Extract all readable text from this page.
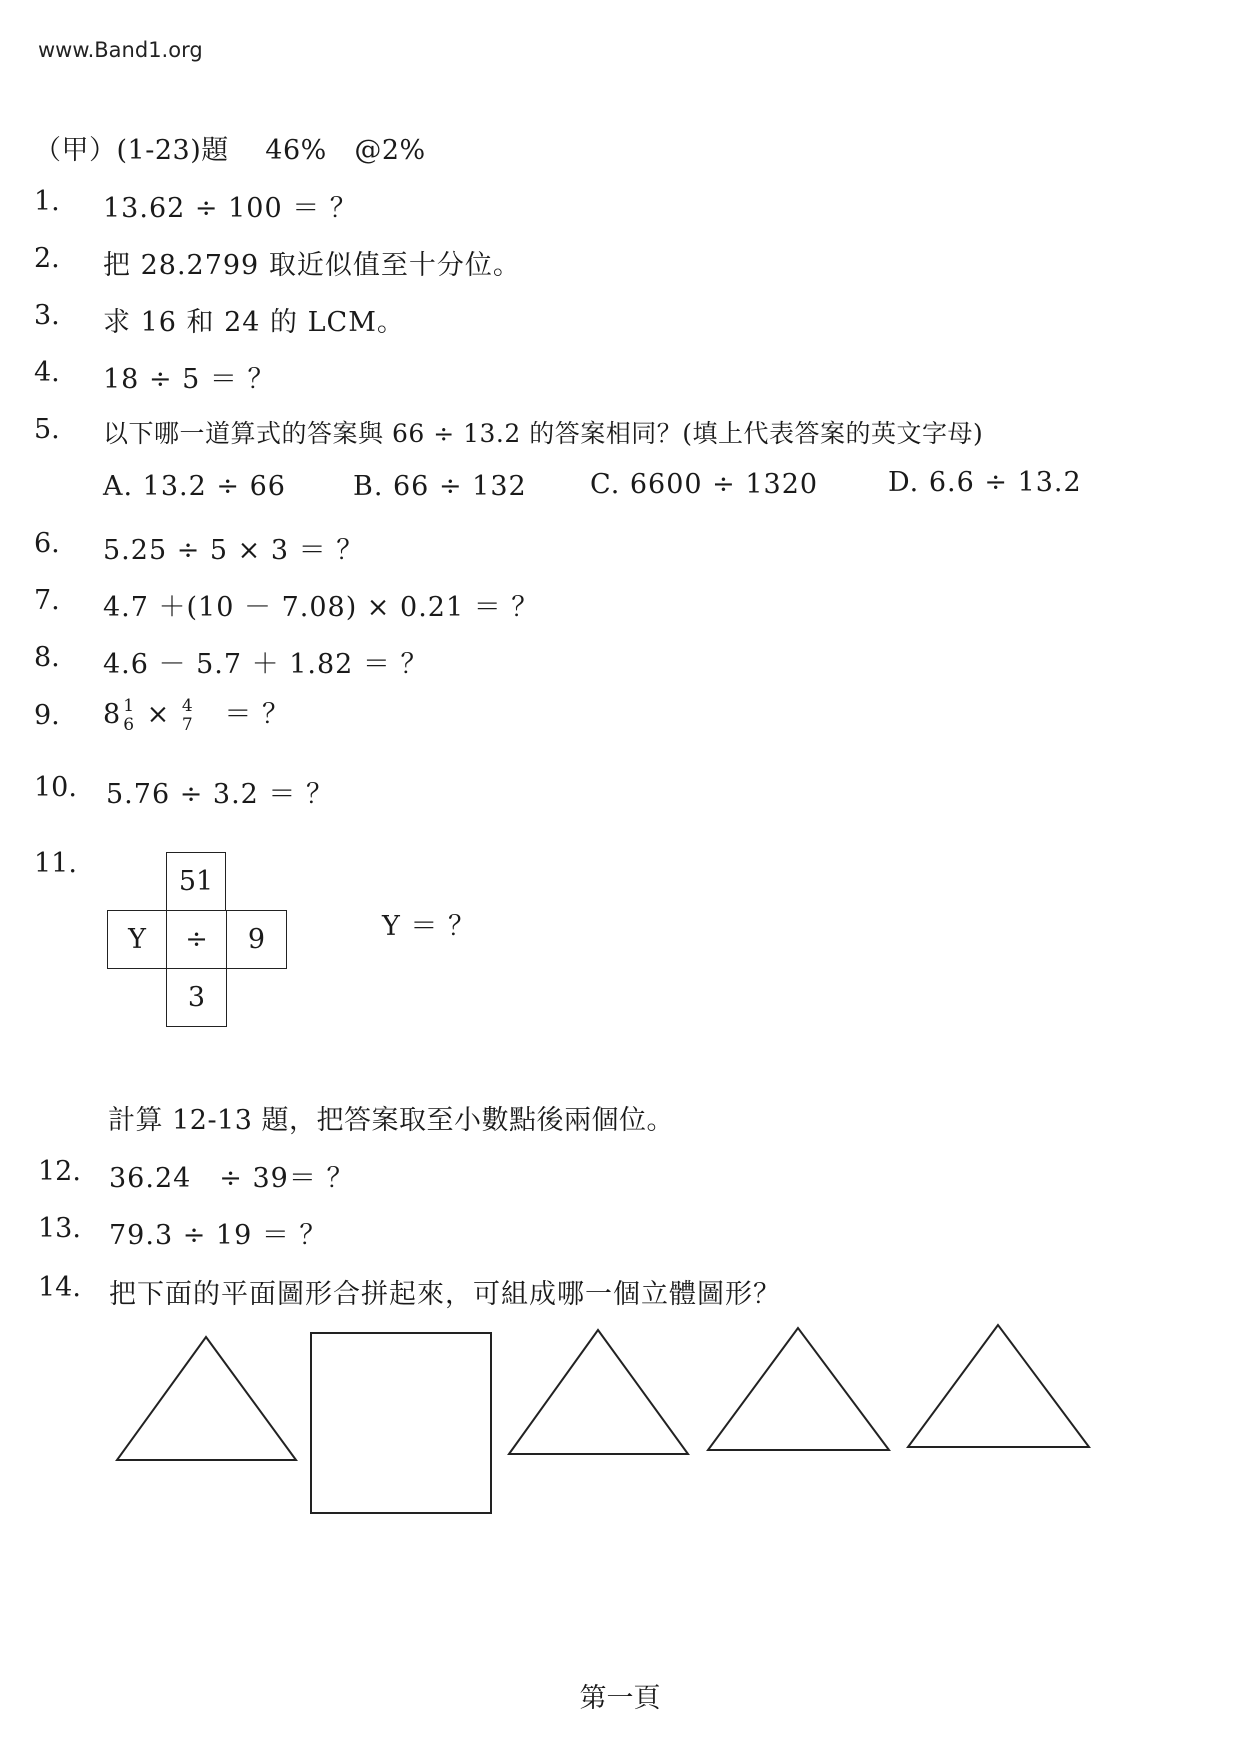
www.Band1.org
（甲）(1-23)題　 46%　@2%
1. 13.62 ÷ 100 ＝ ？
2. 把 28.2799 取近似值至十分位。
3. 求 16 和 24 的 LCM。
4. 18 ÷ 5 ＝ ？
5. 以下哪一道算式的答案與 66 ÷ 13.2 的答案相同？(填上代表答案的英文字母)
A. 13.2 ÷ 66 B. 66 ÷ 132 C. 6600 ÷ 1320	D. 6.6 ÷ 13.2
6. 5.25 ÷ 5 × 3 ＝ ？
7. 4.7 ＋(10 － 7.08) × 0.21 ＝ ？
8. 4.6 － 5.7 ＋ 1.82 ＝ ？
9. 8 1
6 × 4
7 ＝ ？
10. 5.76 ÷ 3.2 ＝ ？
11.
51
Y	÷	9
3
Y ＝ ？
計算 12-13 題，把答案取至小數點後兩個位。
12. 36.24　÷ 39＝ ？
13. 79.3 ÷ 19 ＝ ？
14. 把下面的平面圖形合拼起來，可組成哪一個立體圖形？
第一頁
